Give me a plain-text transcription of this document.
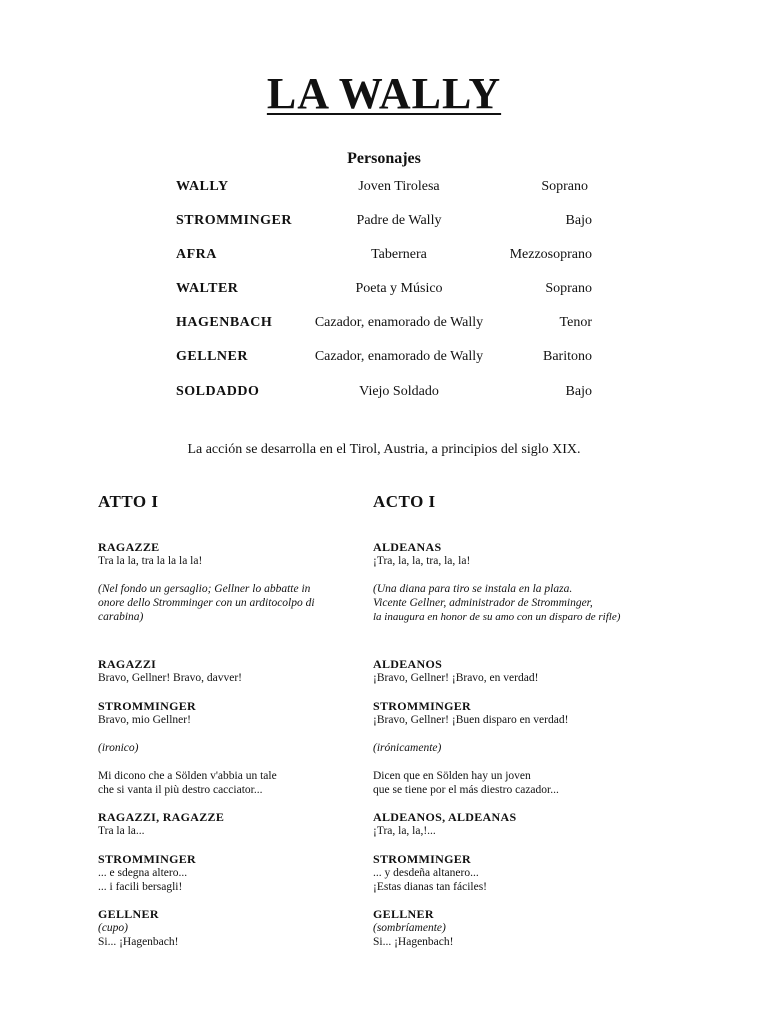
LA WALLY
Personajes
WALLY	Joven Tirolesa	Soprano
STROMMINGER	Padre de Wally	Bajo
AFRA	Tabernera	Mezzosoprano
WALTER	Poeta y Músico	Soprano
HAGENBACH	Cazador, enamorado de Wally	Tenor
GELLNER	Cazador, enamorado de Wally	Baritono
SOLDADDO	Viejo Soldado	Bajo
La acción se desarrolla en el Tirol, Austria, a principios del siglo XIX.
ATTO I	ACTO I
RAGAZZE
Tra la la, tra la la la la!
(Nel fondo un gersaglio; Gellner lo abbatte in
onore dello Stromminger con un arditocolpo di
carabina)
RAGAZZI
Bravo, Gellner! Bravo, davver!
STROMMINGER
Bravo, mio Gellner!
(ironico)
Mi dicono che a Sölden v'abbia un tale
che si vanta il più destro cacciator...
RAGAZZI, RAGAZZE
Tra la la...
STROMMINGER
... e sdegna altero...
... i facili bersagli!
GELLNER
(cupo)
Si... ¡Hagenbach!
ALDEANAS
¡Tra, la, la, tra, la, la!
(Una diana para tiro se instala en la plaza.
Vicente Gellner, administrador de Stromminger,
la inaugura en honor de su amo con un disparo de rifle)
ALDEANOS
¡Bravo, Gellner! ¡Bravo, en verdad!
STROMMINGER
¡Bravo, Gellner! ¡Buen disparo en verdad!
(irónicamente)
Dicen que en Sölden hay un joven
que se tiene por el más diestro cazador...
ALDEANOS, ALDEANAS
¡Tra, la, la,!...
STROMMINGER
... y desdeña altanero...
¡Estas dianas tan fáciles!
GELLNER
(sombríamente)
Si... ¡Hagenbach!
